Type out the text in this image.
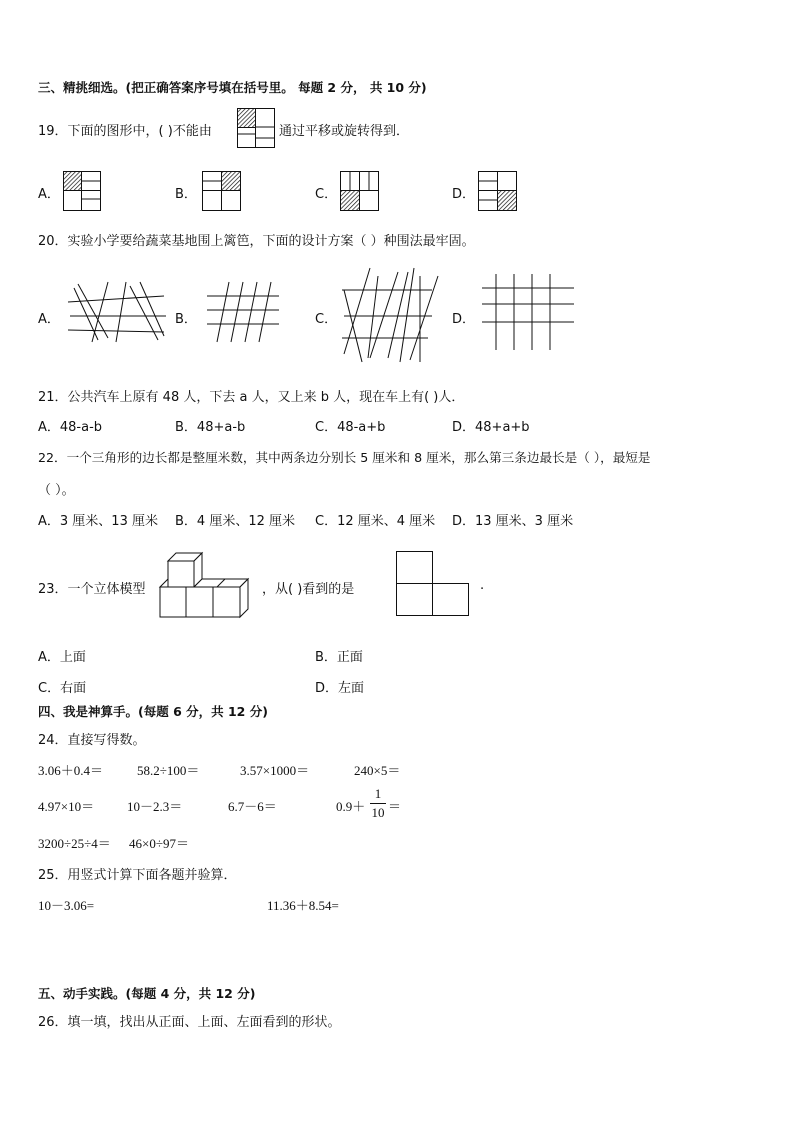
三、精挑细选。(把正确答案序号填在括号里。 每题 2 分， 共 10 分)
19．下面的图形中，( )不能由	通过平移或旋转得到．
A．	B．	C．	D．
20．实验小学要给蔬菜基地围上篱笆，下面的设计方案（ ）种围法最牢固。
A．	B．	C．	D．
21．公共汽车上原有 48 人，下去 a 人，又上来 b 人，现在车上有( )人．
A．48-a-b	B．48+a-b	C．48-a+b	D．48+a+b
22．一个三角形的边长都是整厘米数，其中两条边分别长 5 厘米和 8 厘米，那么第三条边最长是（ ），最短是
（ ）。
A．3 厘米、13 厘米 B．4 厘米、12 厘米 C．12 厘米、4 厘米 D．13 厘米、3 厘米
23．一个立体模型	，从( )看到的是	.
A．上面	B．正面
C．右面	D．左面
四、我是神算手。(每题 6 分，共 12 分)
24．直接写得数。
3.06＋0.4＝	58.2÷100＝	3.57×1000＝	240×5＝
4.97×10＝	10－2.3＝	6.7－6＝	0.9＋
1
10 ＝
3200÷25÷4＝ 46×0÷97＝
25．用竖式计算下面各题并验算．
10－3.06=	11.36＋8.54=
五、动手实践。(每题 4 分，共 12 分)
26．填一填，找出从正面、上面、左面看到的形状。
